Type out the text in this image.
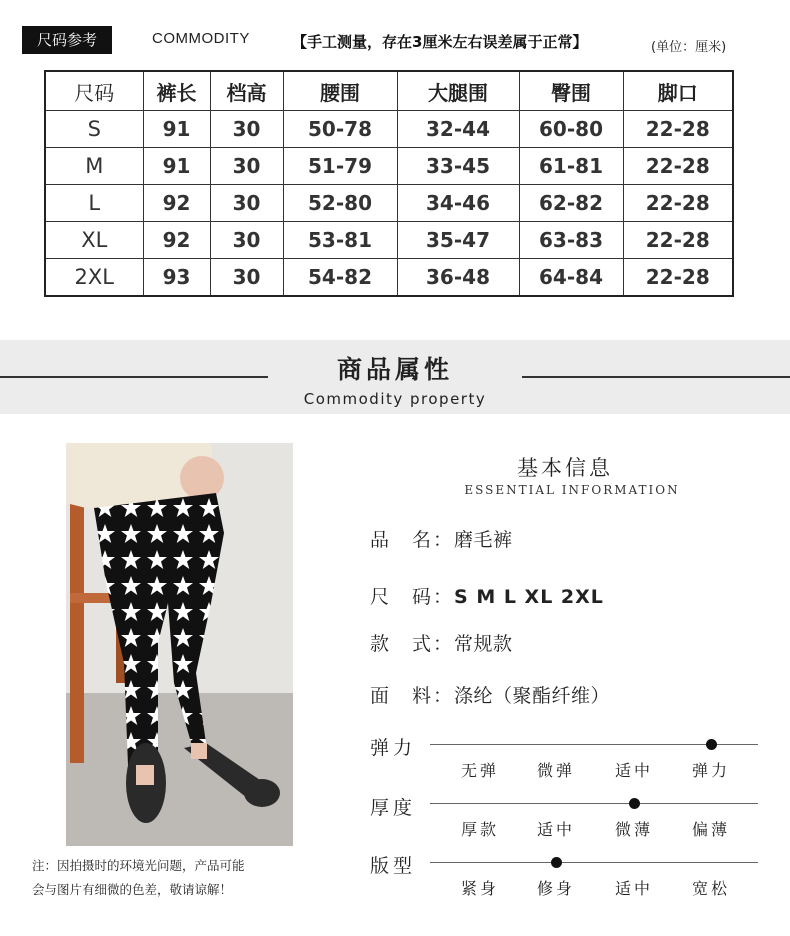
尺码参考	COMMODITY	【手工测量，存在3厘米左右误差属于正常】	(单位：厘米)
尺码	裤长	档高	腰围	大腿围	臀围	脚口
S	91	30	50-78	32-44	60-80	22-28
M	91	30	51-79	33-45	61-81	22-28
L	92	30	52-80	34-46	62-82	22-28
XL	92	30	53-81	35-47	63-83	22-28
2XL	93	30	54-82	36-48	64-84	22-28
商品属性
Commodity property
注：因拍摄时的环境光问题，产品可能
会与图片有细微的色差，敬请谅解！
基本信息
ESSENTIAL INFORMATION
品　名：磨毛裤
尺　码：S M L XL 2XL
款　式：常规款
面　料：涤纶（聚酯纤维）
弹力
无弹	微弹	适中	弹力
厚度
厚款	适中	微薄	偏薄
版型
紧身	修身	适中	宽松
